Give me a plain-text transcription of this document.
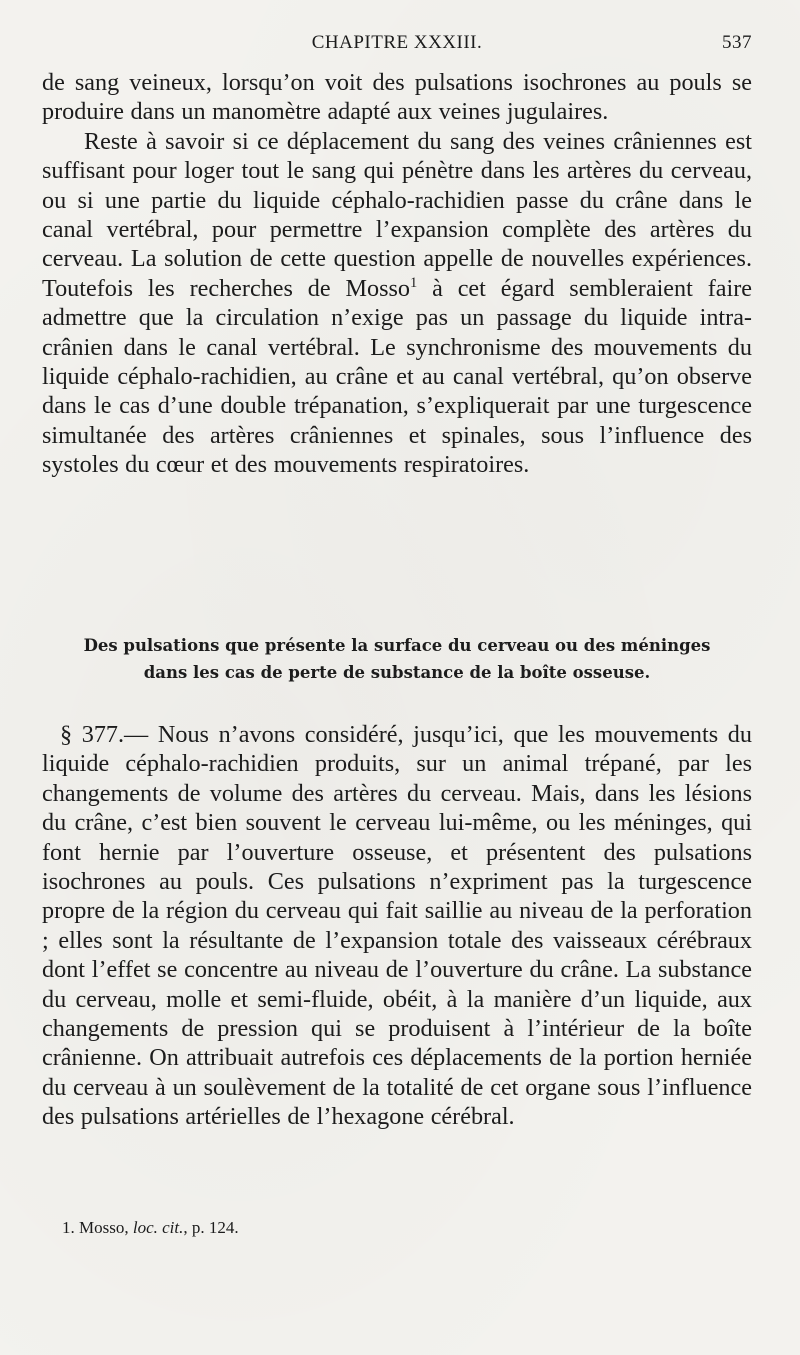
CHAPITRE XXXIII.	537

de sang veineux, lorsqu’on voit des pulsations isochrones au pouls se produire dans un manomètre adapté aux veines jugulaires.

Reste à savoir si ce déplacement du sang des veines crâniennes est suffisant pour loger tout le sang qui pénètre dans les artères du cerveau, ou si une partie du liquide céphalo-rachidien passe du crâne dans le canal vertébral, pour permettre l’expansion complète des artères du cerveau. La solution de cette question appelle de nouvelles expériences. Toutefois les recherches de Mosso$^1$ à cet égard sembleraient faire admettre que la circulation n’exige pas un passage du liquide intra-crânien dans le canal vertébral. Le synchronisme des mouvements du liquide céphalo-rachidien, au crâne et au canal vertébral, qu’on observe dans le cas d’une double trépanation, s’expliquerait par une turgescence simultanée des artères crâniennes et spinales, sous l’influence des systoles du cœur et des mouvements respiratoires.

Des pulsations que présente la surface du cerveau ou des méninges
dans les cas de perte de substance de la boîte osseuse.

§ 377.— Nous n’avons considéré, jusqu’ici, que les mouvements du liquide céphalo-rachidien produits, sur un animal trépané, par les changements de volume des artères du cerveau. Mais, dans les lésions du crâne, c’est bien souvent le cerveau lui-même, ou les méninges, qui font hernie par l’ouverture osseuse, et présentent des pulsations isochrones au pouls. Ces pulsations n’expriment pas la turgescence propre de la région du cerveau qui fait saillie au niveau de la perforation ; elles sont la résultante de l’expansion totale des vaisseaux cérébraux dont l’effet se concentre au niveau de l’ouverture du crâne. La substance du cerveau, molle et semi-fluide, obéit, à la manière d’un liquide, aux changements de pression qui se produisent à l’intérieur de la boîte crânienne. On attribuait autrefois ces déplacements de la portion herniée du cerveau à un soulèvement de la totalité de cet organe sous l’influence des pulsations artérielles de l’hexagone cérébral.

1. Mosso, loc. cit., p. 124.
